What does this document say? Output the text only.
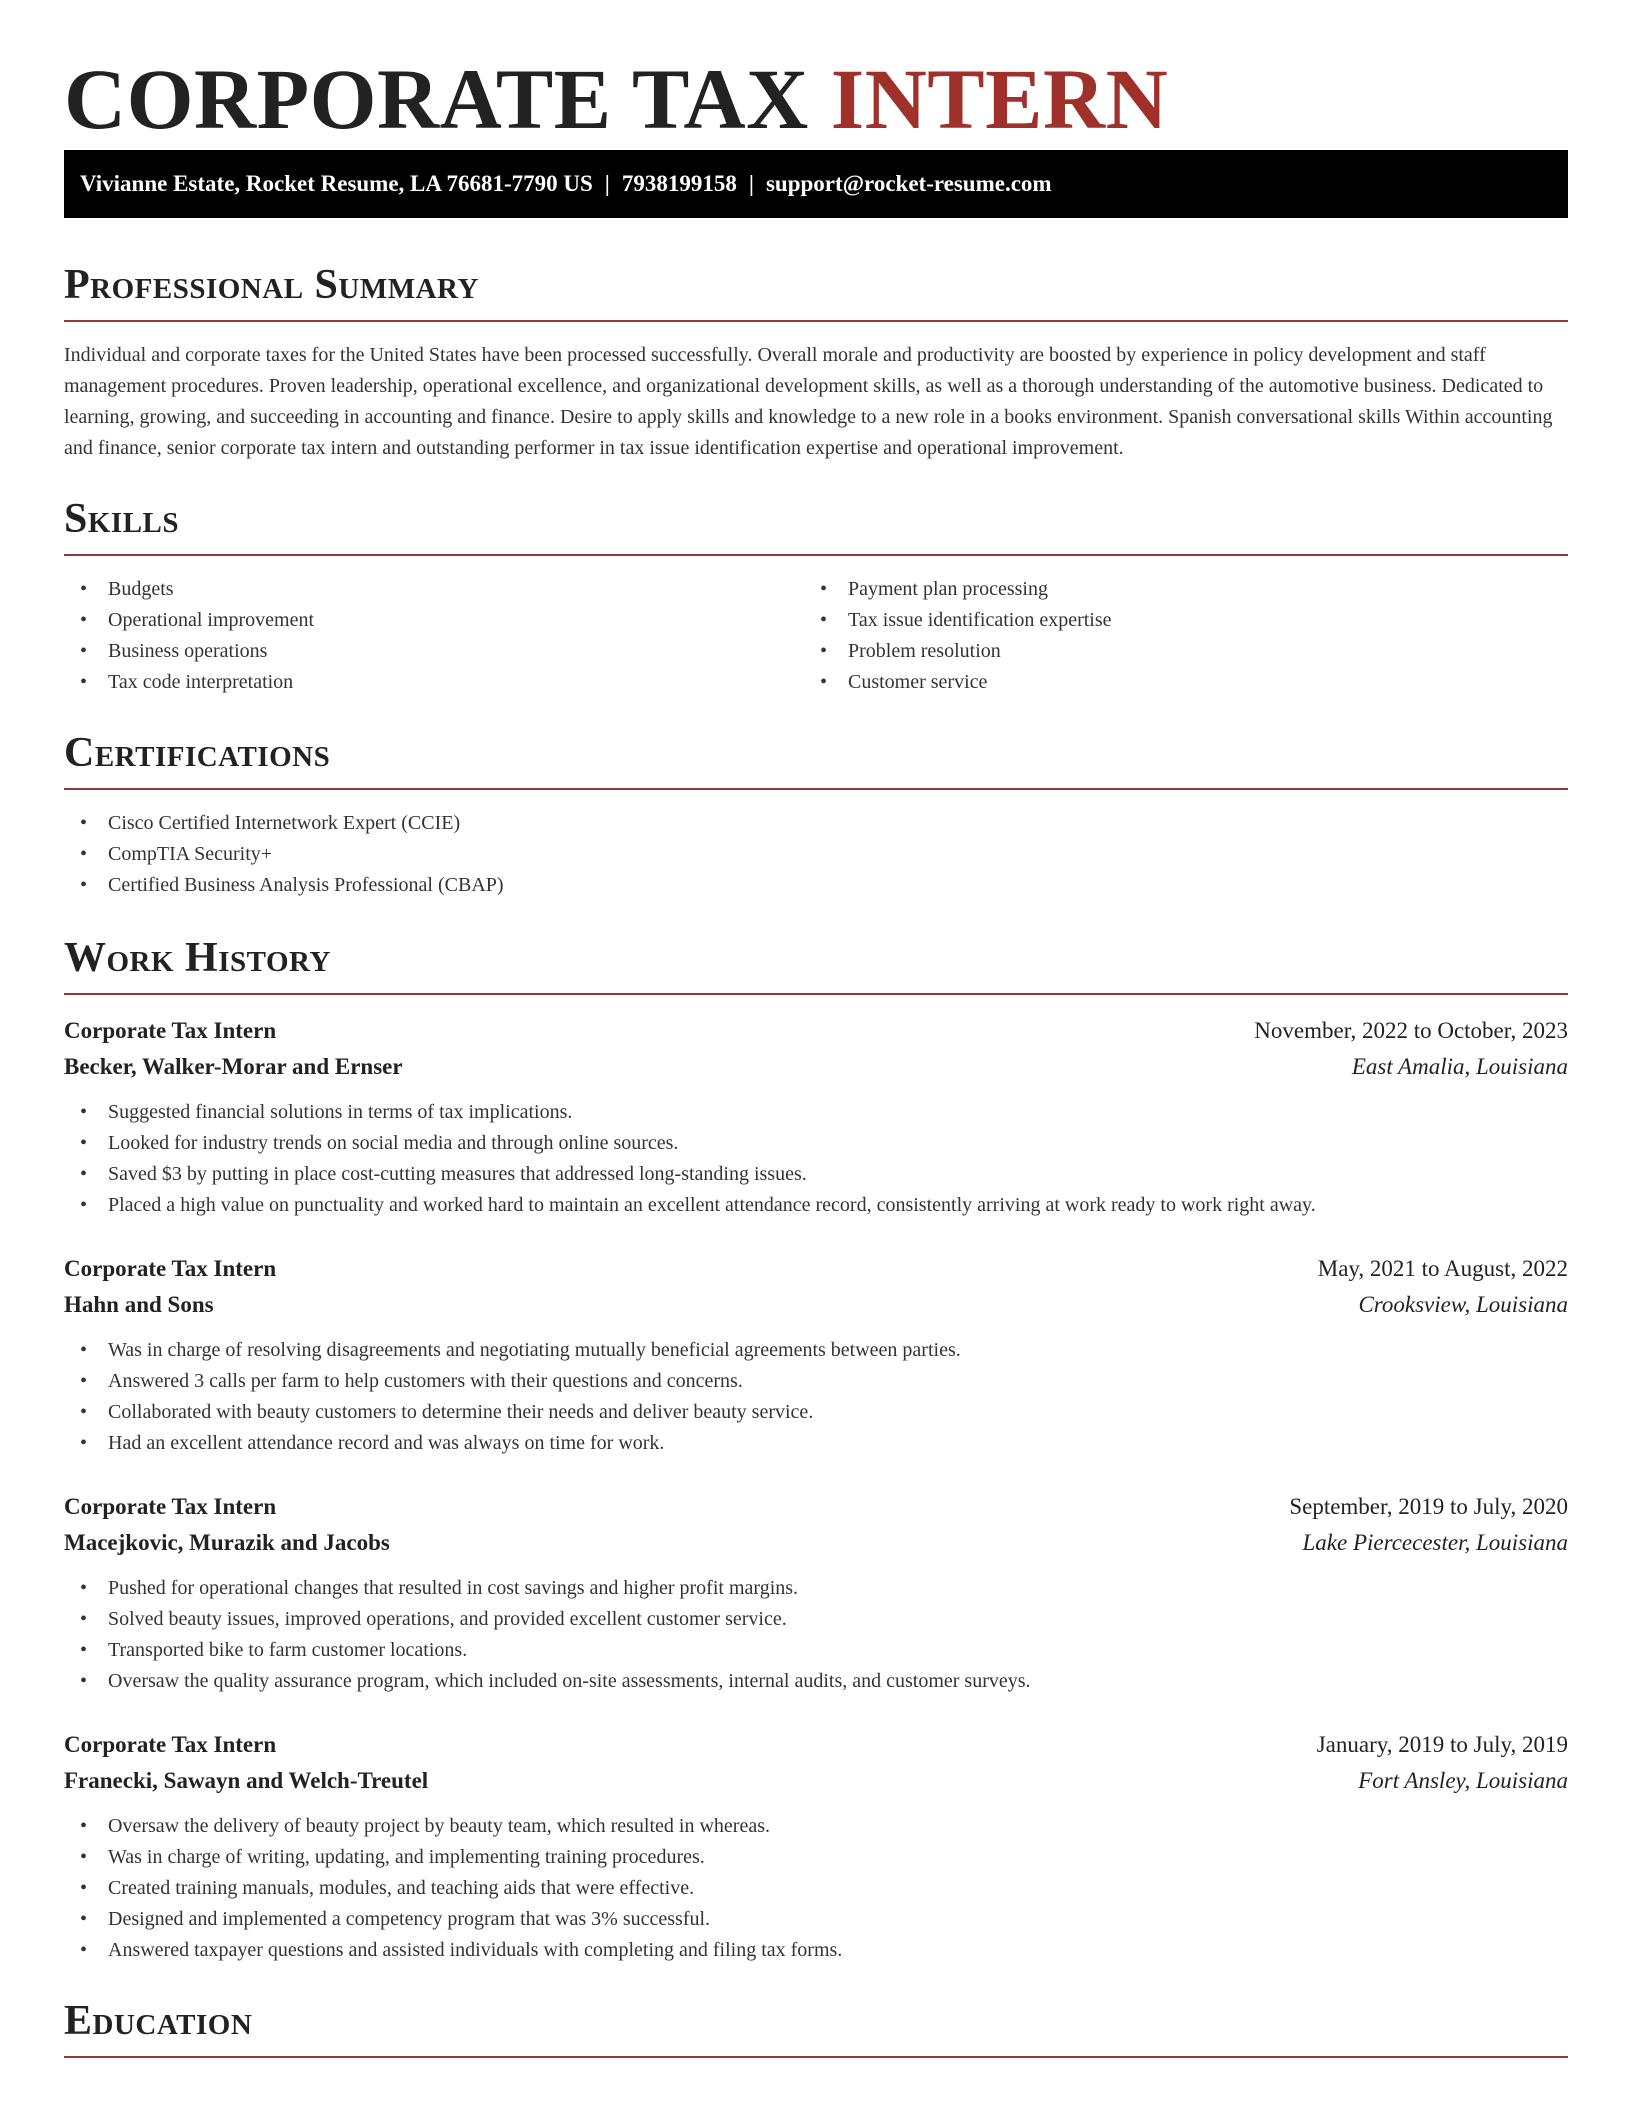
CORPORATE TAX INTERN
Vivianne Estate, Rocket Resume, LA 76681-7790 US | 7938199158 | support@rocket-resume.com
Professional Summary

Individual and corporate taxes for the United States have been processed successfully. Overall morale and productivity are boosted by experience in policy development and staff management procedures. Proven leadership, operational excellence, and organizational development skills, as well as a thorough understanding of the automotive business. Dedicated to learning, growing, and succeeding in accounting and finance. Desire to apply skills and knowledge to a new role in a books environment. Spanish conversational skills Within accounting and finance, senior corporate tax intern and outstanding performer in tax issue identification expertise and operational improvement.

Skills
• Budgets
• Operational improvement
• Business operations
• Tax code interpretation
• Payment plan processing
• Tax issue identification expertise
• Problem resolution
• Customer service
Certifications
• Cisco Certified Internetwork Expert (CCIE)
• CompTIA Security+
• Certified Business Analysis Professional (CBAP)
Work History
Corporate Tax Intern	November, 2022 to October, 2023
Becker, Walker-Morar and Ernser	East Amalia, Louisiana
• Suggested financial solutions in terms of tax implications.
• Looked for industry trends on social media and through online sources.
• Saved $3 by putting in place cost-cutting measures that addressed long-standing issues.
• Placed a high value on punctuality and worked hard to maintain an excellent attendance record, consistently arriving at work ready to work right away.
Corporate Tax Intern	May, 2021 to August, 2022
Hahn and Sons	Crooksview, Louisiana
• Was in charge of resolving disagreements and negotiating mutually beneficial agreements between parties.
• Answered 3 calls per farm to help customers with their questions and concerns.
• Collaborated with beauty customers to determine their needs and deliver beauty service.
• Had an excellent attendance record and was always on time for work.
Corporate Tax Intern	September, 2019 to July, 2020
Macejkovic, Murazik and Jacobs	Lake Piercecester, Louisiana
• Pushed for operational changes that resulted in cost savings and higher profit margins.
• Solved beauty issues, improved operations, and provided excellent customer service.
• Transported bike to farm customer locations.
• Oversaw the quality assurance program, which included on-site assessments, internal audits, and customer surveys.
Corporate Tax Intern	January, 2019 to July, 2019
Franecki, Sawayn and Welch-Treutel	Fort Ansley, Louisiana
• Oversaw the delivery of beauty project by beauty team, which resulted in whereas.
• Was in charge of writing, updating, and implementing training procedures.
• Created training manuals, modules, and teaching aids that were effective.
• Designed and implemented a competency program that was 3% successful.
• Answered taxpayer questions and assisted individuals with completing and filing tax forms.
Education
